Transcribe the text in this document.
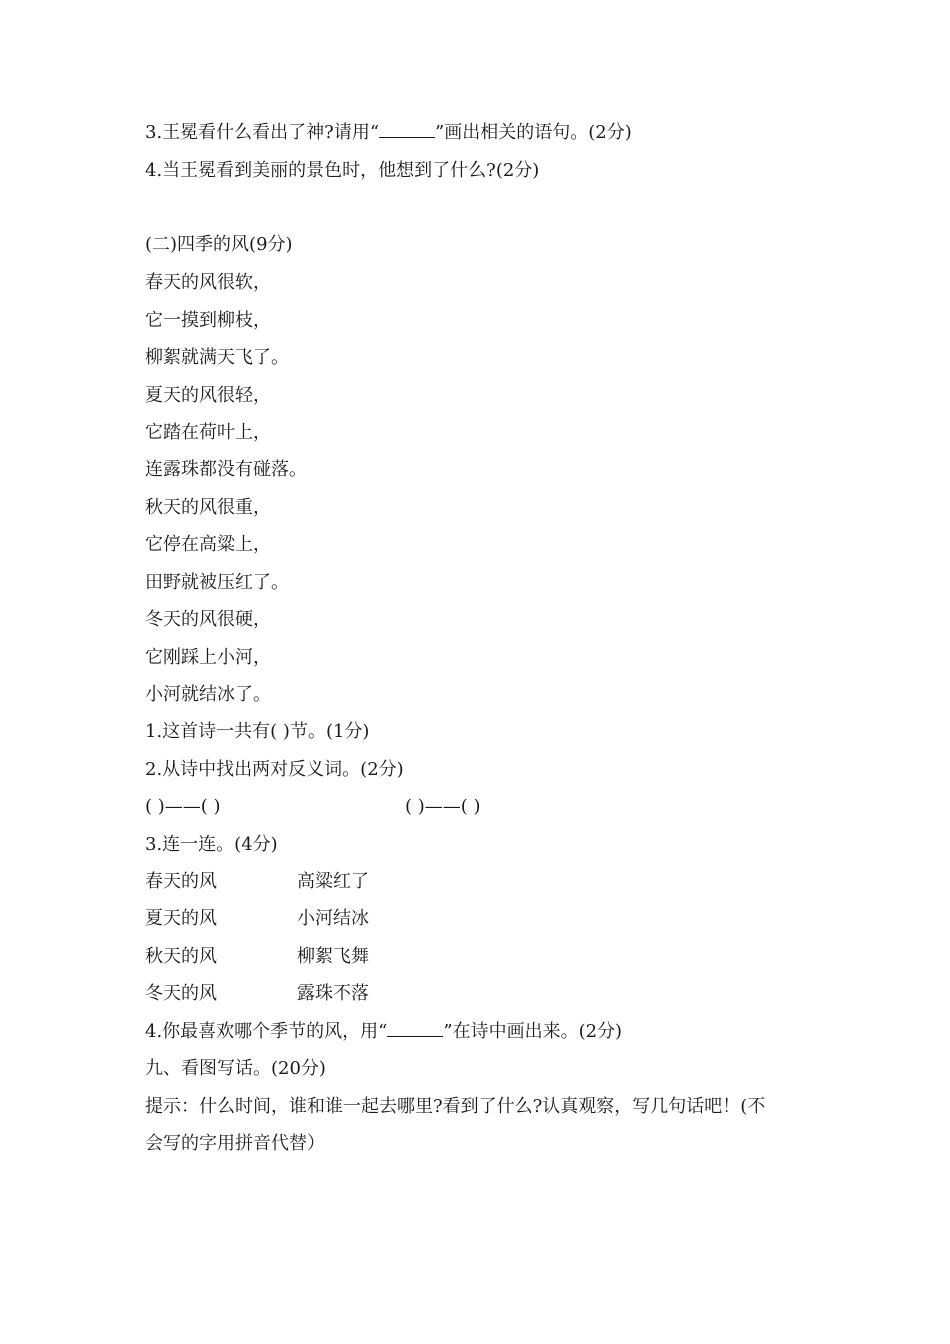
3.王冕看什么看出了神?请用“	”画出相关的语句。(2分)
4.当王冕看到美丽的景色时，他想到了什么?(2分)
(二)四季的风(9分)
春天的风很软，
它一摸到柳枝，
柳絮就满天飞了。
夏天的风很轻，
它踏在荷叶上，
连露珠都没有碰落。
秋天的风很重，
它停在高粱上，
田野就被压红了。
冬天的风很硬，
它刚踩上小河，
小河就结冰了。
1.这首诗一共有( )节。(1分)
2.从诗中找出两对反义词。(2分)
( )——( )	( )——( )
3.连一连。(4分)
春天的风	高粱红了
夏天的风	小河结冰
秋天的风	柳絮飞舞
冬天的风	露珠不落
4.你最喜欢哪个季节的风，用“	”在诗中画出来。(2分)
九、看图写话。(20分)
提示：什么时间，谁和谁一起去哪里?看到了什么?认真观察，写几句话吧！(不
会写的字用拼音代替）
